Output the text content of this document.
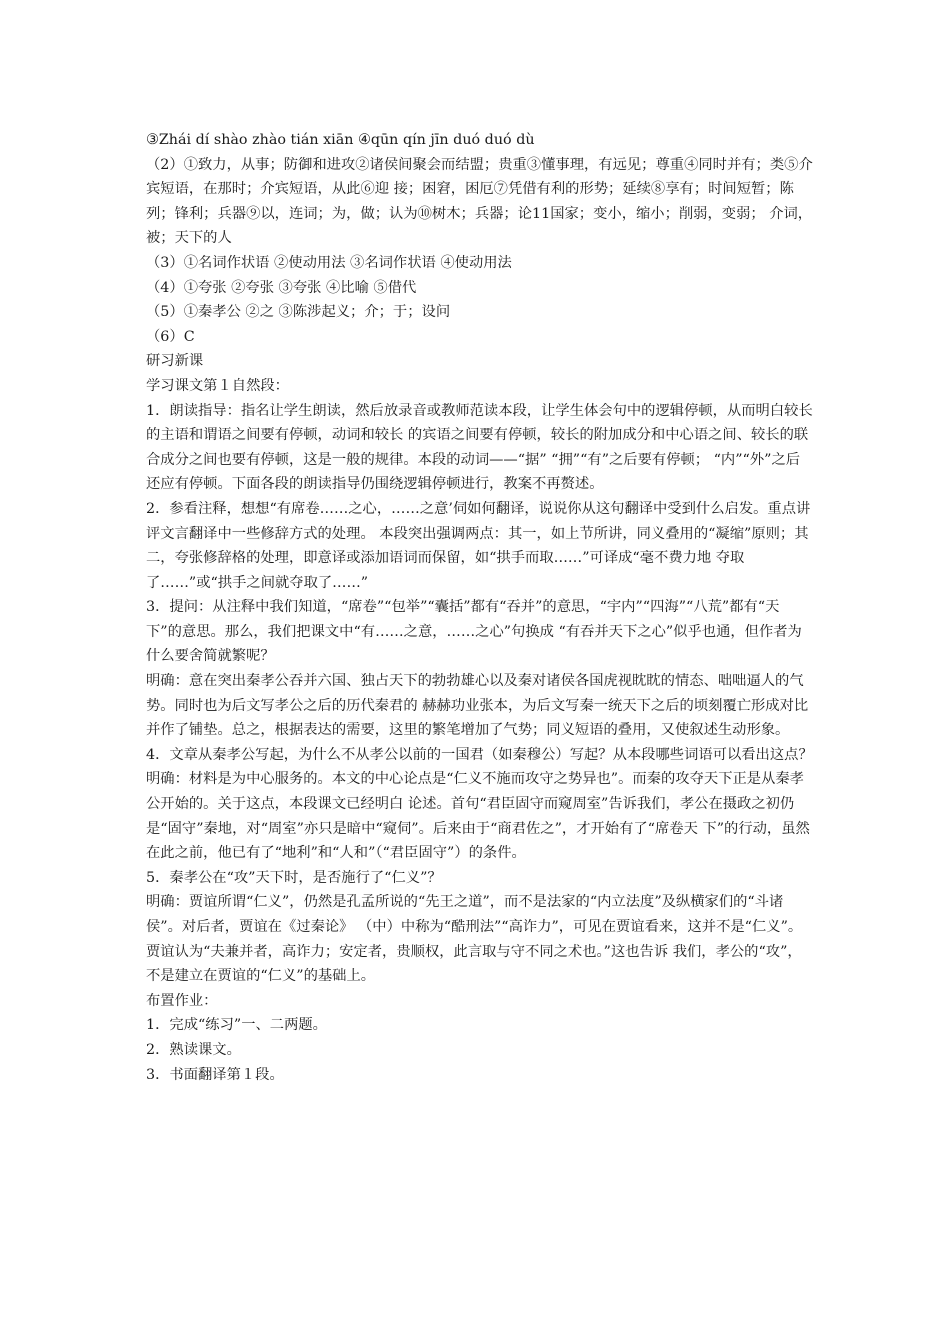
③Zhái dí shào zhào tián xiān ④qūn qín jīn duó duó dù

（2）①致力，从事；防御和进攻②诸侯间聚会而结盟；贵重③懂事理，有远见；尊重④同时并有；类⑤介宾短语，在那时；介宾短语，从此⑥迎 接；困窘，困厄⑦凭借有利的形势；延续⑧享有；时间短暂；陈列；锋利；兵器⑨以，连词；为，做；认为⑩树木；兵器；论11国家；变小，缩小；削弱，变弱； 介词，被；天下的人

（3）①名词作状语 ②使动用法 ③名词作状语 ④使动用法

（4）①夸张 ②夸张 ③夸张 ④比喻 ⑤借代

（5）①秦孝公 ②之 ③陈涉起义；介；于；设问

（6）C

研习新课

学习课文第１自然段：

1．朗读指导：指名让学生朗读，然后放录音或教师范读本段，让学生体会句中的逻辑停顿，从而明白较长的主语和谓语之间要有停顿，动词和较长 的宾语之间要有停顿，较长的附加成分和中心语之间、较长的联合成分之间也要有停顿，这是一般的规律。本段的动词——“据” “拥”“有”之后要有停顿； “内”“外”之后还应有停顿。下面各段的朗读指导仍围绕逻辑停顿进行，教案不再赘述。

2．参看注释，想想“有席卷……之心，……之意’伺如何翻译，说说你从这句翻译中受到什么启发。重点讲评文言翻译中一些修辞方式的处理。 本段突出强调两点：其一，如上节所讲，同义叠用的“凝缩”原则；其二，夸张修辞格的处理，即意译或添加语词而保留，如“拱手而取……”可译成“毫不费力地 夺取了……”或“拱手之间就夺取了……”

3．提问：从注释中我们知道，“席卷”“包举”“囊括”都有“吞并”的意思，“宇内”“四海”“八荒”都有“天下”的意思。那么，我们把课文中“有……之意，……之心”句换成 “有吞并天下之心”似乎也通，但作者为什么要舍简就繁呢？

明确：意在突出秦孝公吞并六国、独占天下的勃勃雄心以及秦对诸侯各国虎视眈眈的情态、咄咄逼人的气势。同时也为后文写孝公之后的历代秦君的 赫赫功业张本，为后文写秦一统天下之后的顷刻覆亡形成对比并作了铺垫。总之，根据表达的需要，这里的繁笔增加了气势；同义短语的叠用，又使叙述生动形象。

4．文章从秦孝公写起，为什么不从孝公以前的一国君（如秦穆公）写起？从本段哪些词语可以看出这点？

明确：材料是为中心服务的。本文的中心论点是“仁义不施而攻守之势异也”。而秦的攻夺天下正是从秦孝公开始的。关于这点，本段课文已经明白 论述。首句“君臣固守而窥周室”告诉我们，孝公在摄政之初仍是“固守”秦地，对“周室”亦只是暗中“窥伺”。后来由于“商君佐之”，才开始有了“席卷天 下”的行动，虽然在此之前，他已有了“地利”和“人和”（“君臣固守”）的条件。

5．秦孝公在“攻”天下时，是否施行了“仁义”？

明确：贾谊所谓“仁义”，仍然是孔孟所说的“先王之道”，而不是法家的“内立法度”及纵横家们的“斗诸侯”。对后者，贾谊在《过秦论》 （中）中称为“酷刑法”“高诈力”，可见在贾谊看来，这并不是“仁义”。贾谊认为“夫兼并者，高诈力；安定者，贵顺权，此言取与守不同之术也。”这也告诉 我们，孝公的“攻”，不是建立在贾谊的“仁义”的基础上。

布置作业：

1．完成“练习”一、二两题。

2．熟读课文。

3．书面翻译第１段。
